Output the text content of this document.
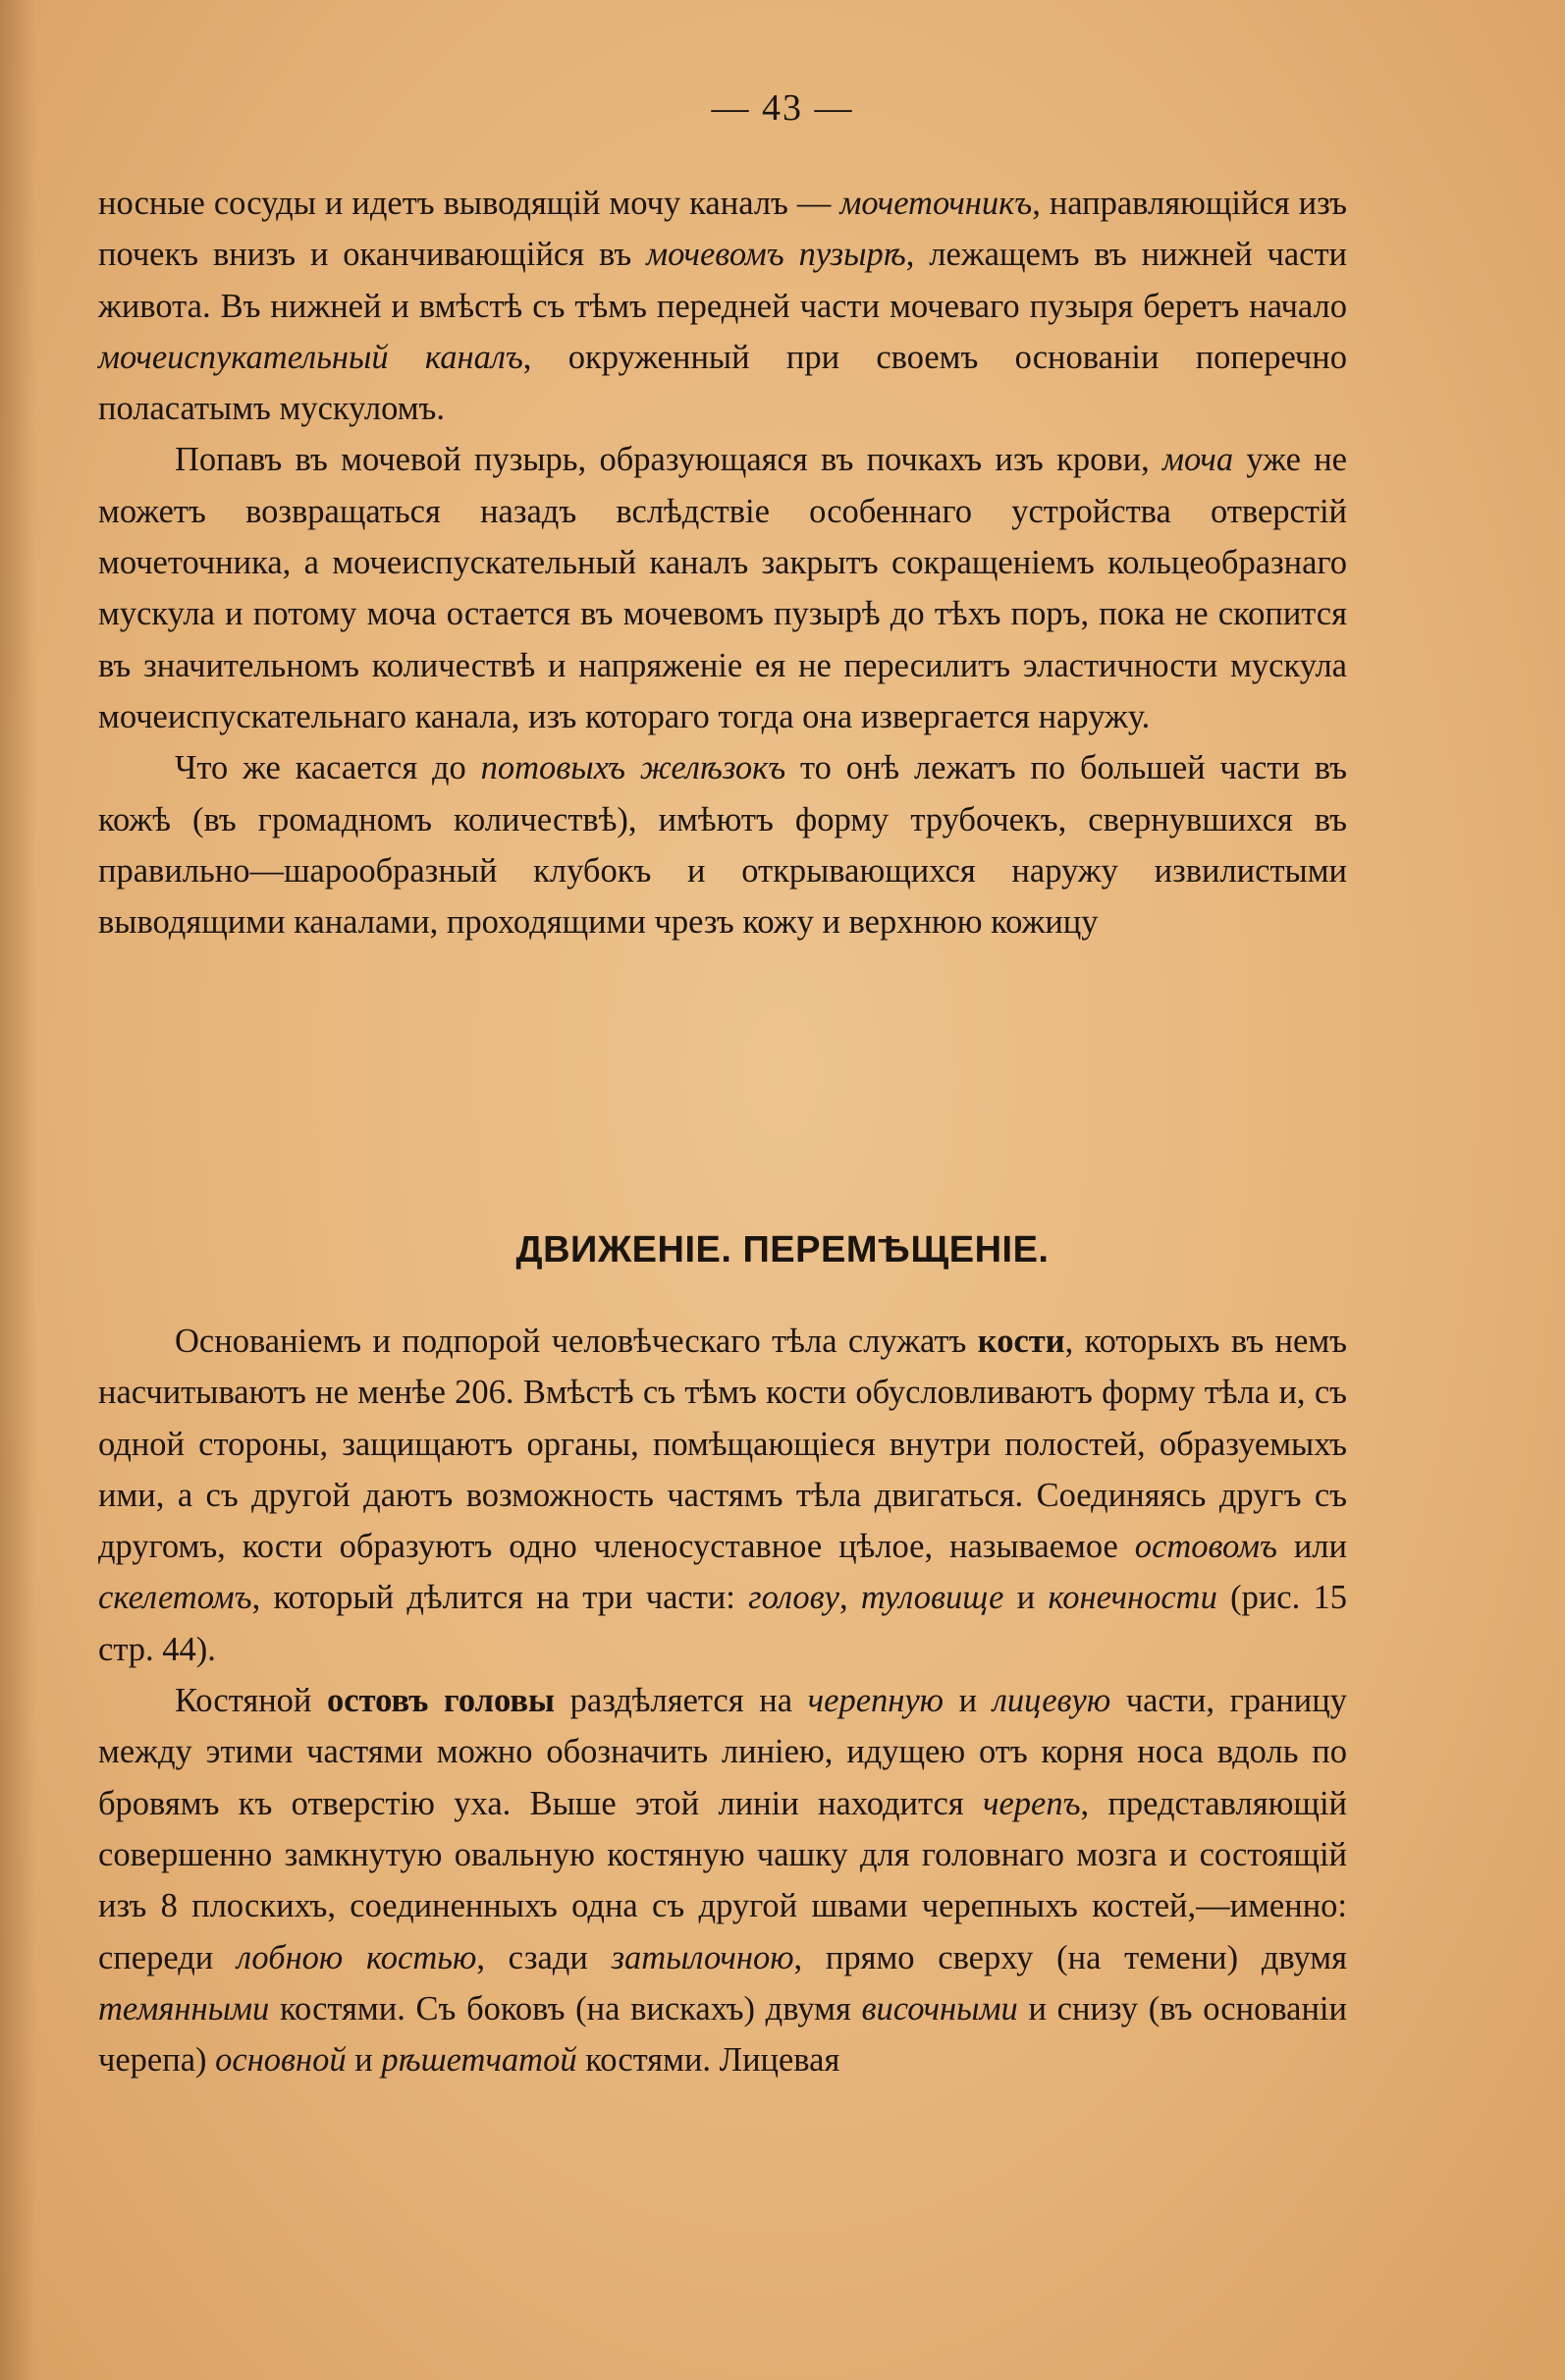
— 43 —

носные сосуды и идетъ выводящій мочу каналъ — мочеточникъ, направляющійся изъ почекъ внизъ и оканчивающійся въ мочевомъ пузырѣ, лежащемъ въ нижней части живота. Въ нижней и вмѣстѣ съ тѣмъ передней части мочеваго пузыря беретъ начало мочеиспукательный каналъ, окруженный при своемъ основаніи поперечно поласатымъ мускуломъ.

Попавъ въ мочевой пузырь, образующаяся въ почкахъ изъ крови, моча уже не можетъ возвращаться назадъ вслѣдствіе особеннаго устройства отверстій мочеточника, а мочеиспускательный каналъ закрытъ сокращеніемъ кольцеобразнаго мускула и потому моча остается въ мочевомъ пузырѣ до тѣхъ поръ, пока не скопится въ значительномъ количествѣ и напряженіе ея не пересилитъ эластичности мускула мочеиспускательнаго канала, изъ котораго тогда она извергается наружу.

Что же касается до потовыхъ желѣзокъ то онѣ лежатъ по большей части въ кожѣ (въ громадномъ количествѣ), имѣютъ форму трубочекъ, свернувшихся въ правильно—шарообразный клубокъ и открывающихся наружу извилистыми выводящими каналами, проходящими чрезъ кожу и верхнюю кожицу

ДВИЖЕНІЕ. ПЕРЕМѢЩЕНІЕ.

Основаніемъ и подпорой человѣческаго тѣла служатъ кости, которыхъ въ немъ насчитываютъ не менѣе 206. Вмѣстѣ съ тѣмъ кости обусловливаютъ форму тѣла и, съ одной стороны, защищаютъ органы, помѣщающіеся внутри полостей, образуемыхъ ими, а съ другой даютъ возможность частямъ тѣла двигаться. Соединяясь другъ съ другомъ, кости образуютъ одно членосуставное цѣлое, называемое остовомъ или скелетомъ, который дѣлится на три части: голову, туловище и конечности (рис. 15 стр. 44).

Костяной остовъ головы раздѣляется на черепную и лицевую части, границу между этими частями можно обозначить линіею, идущею отъ корня носа вдоль по бровямъ къ отверстію уха. Выше этой линіи находится черепъ, представляющій совершенно замкнутую овальную костяную чашку для головнаго мозга и состоящій изъ 8 плоскихъ, соединенныхъ одна съ другой швами черепныхъ костей,—именно: спереди лобною костью, сзади затылочною, прямо сверху (на темени) двумя темянными костями. Съ боковъ (на вискахъ) двумя височными и снизу (въ основаніи черепа) основной и рѣшетчатой костями. Лицевая
